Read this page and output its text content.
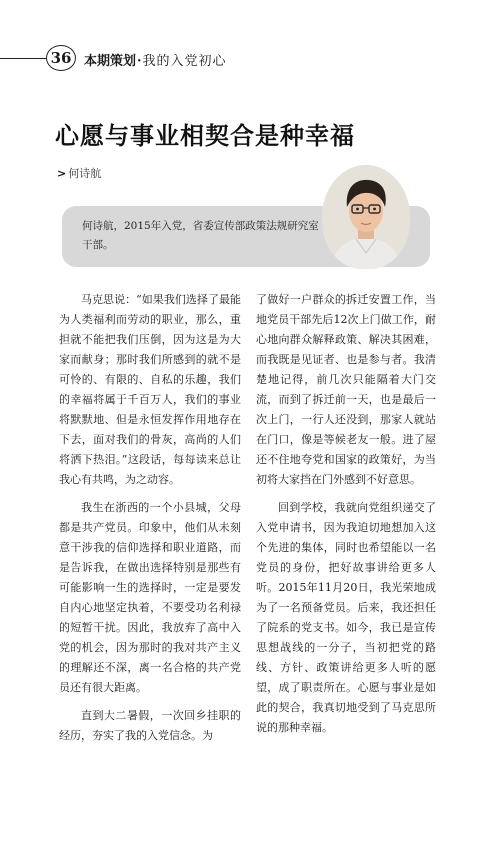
36 本期策划·我的入党初心
心愿与事业相契合是种幸福
> 何诗航
何诗航，2015年入党，省委宣传部政策法规研究室干部。

马克思说：“如果我们选择了最能为人类福利而劳动的职业，那么，重担就不能把我们压倒，因为这是为大家而献身；那时我们所感到的就不是可怜的、有限的、自私的乐趣，我们的幸福将属于千百万人，我们的事业将默默地、但是永恒发挥作用地存在下去，面对我们的骨灰，高尚的人们将洒下热泪。”这段话，每每读来总让我心有共鸣，为之动容。

我生在浙西的一个小县城，父母都是共产党员。印象中，他们从未刻意干涉我的信仰选择和职业道路，而是告诉我，在做出选择特别是那些有可能影响一生的选择时，一定是要发自内心地坚定执着，不要受功名利禄的短暂干扰。因此，我放弃了高中入党的机会，因为那时的我对共产主义的理解还不深，离一名合格的共产党员还有很大距离。

直到大二暑假，一次回乡挂职的经历，夯实了我的入党信念。为

了做好一户群众的拆迁安置工作，当地党员干部先后12次上门做工作，耐心地向群众解释政策、解决其困难，而我既是见证者、也是参与者。我清楚地记得，前几次只能隔着大门交流，而到了拆迁前一天，也是最后一次上门，一行人还没到，那家人就站在门口，像是等候老友一般。进了屋还不住地夸党和国家的政策好，为当初将大家挡在门外感到不好意思。

回到学校，我就向党组织递交了入党申请书，因为我迫切地想加入这个先进的集体，同时也希望能以一名党员的身份，把好故事讲给更多人听。2015年11月20日，我光荣地成为了一名预备党员。后来，我还担任了院系的党支书。如今，我已是宣传思想战线的一分子，当初把党的路线、方针、政策讲给更多人听的愿望，成了职责所在。心愿与事业是如此的契合，我真切地受到了马克思所说的那种幸福。
